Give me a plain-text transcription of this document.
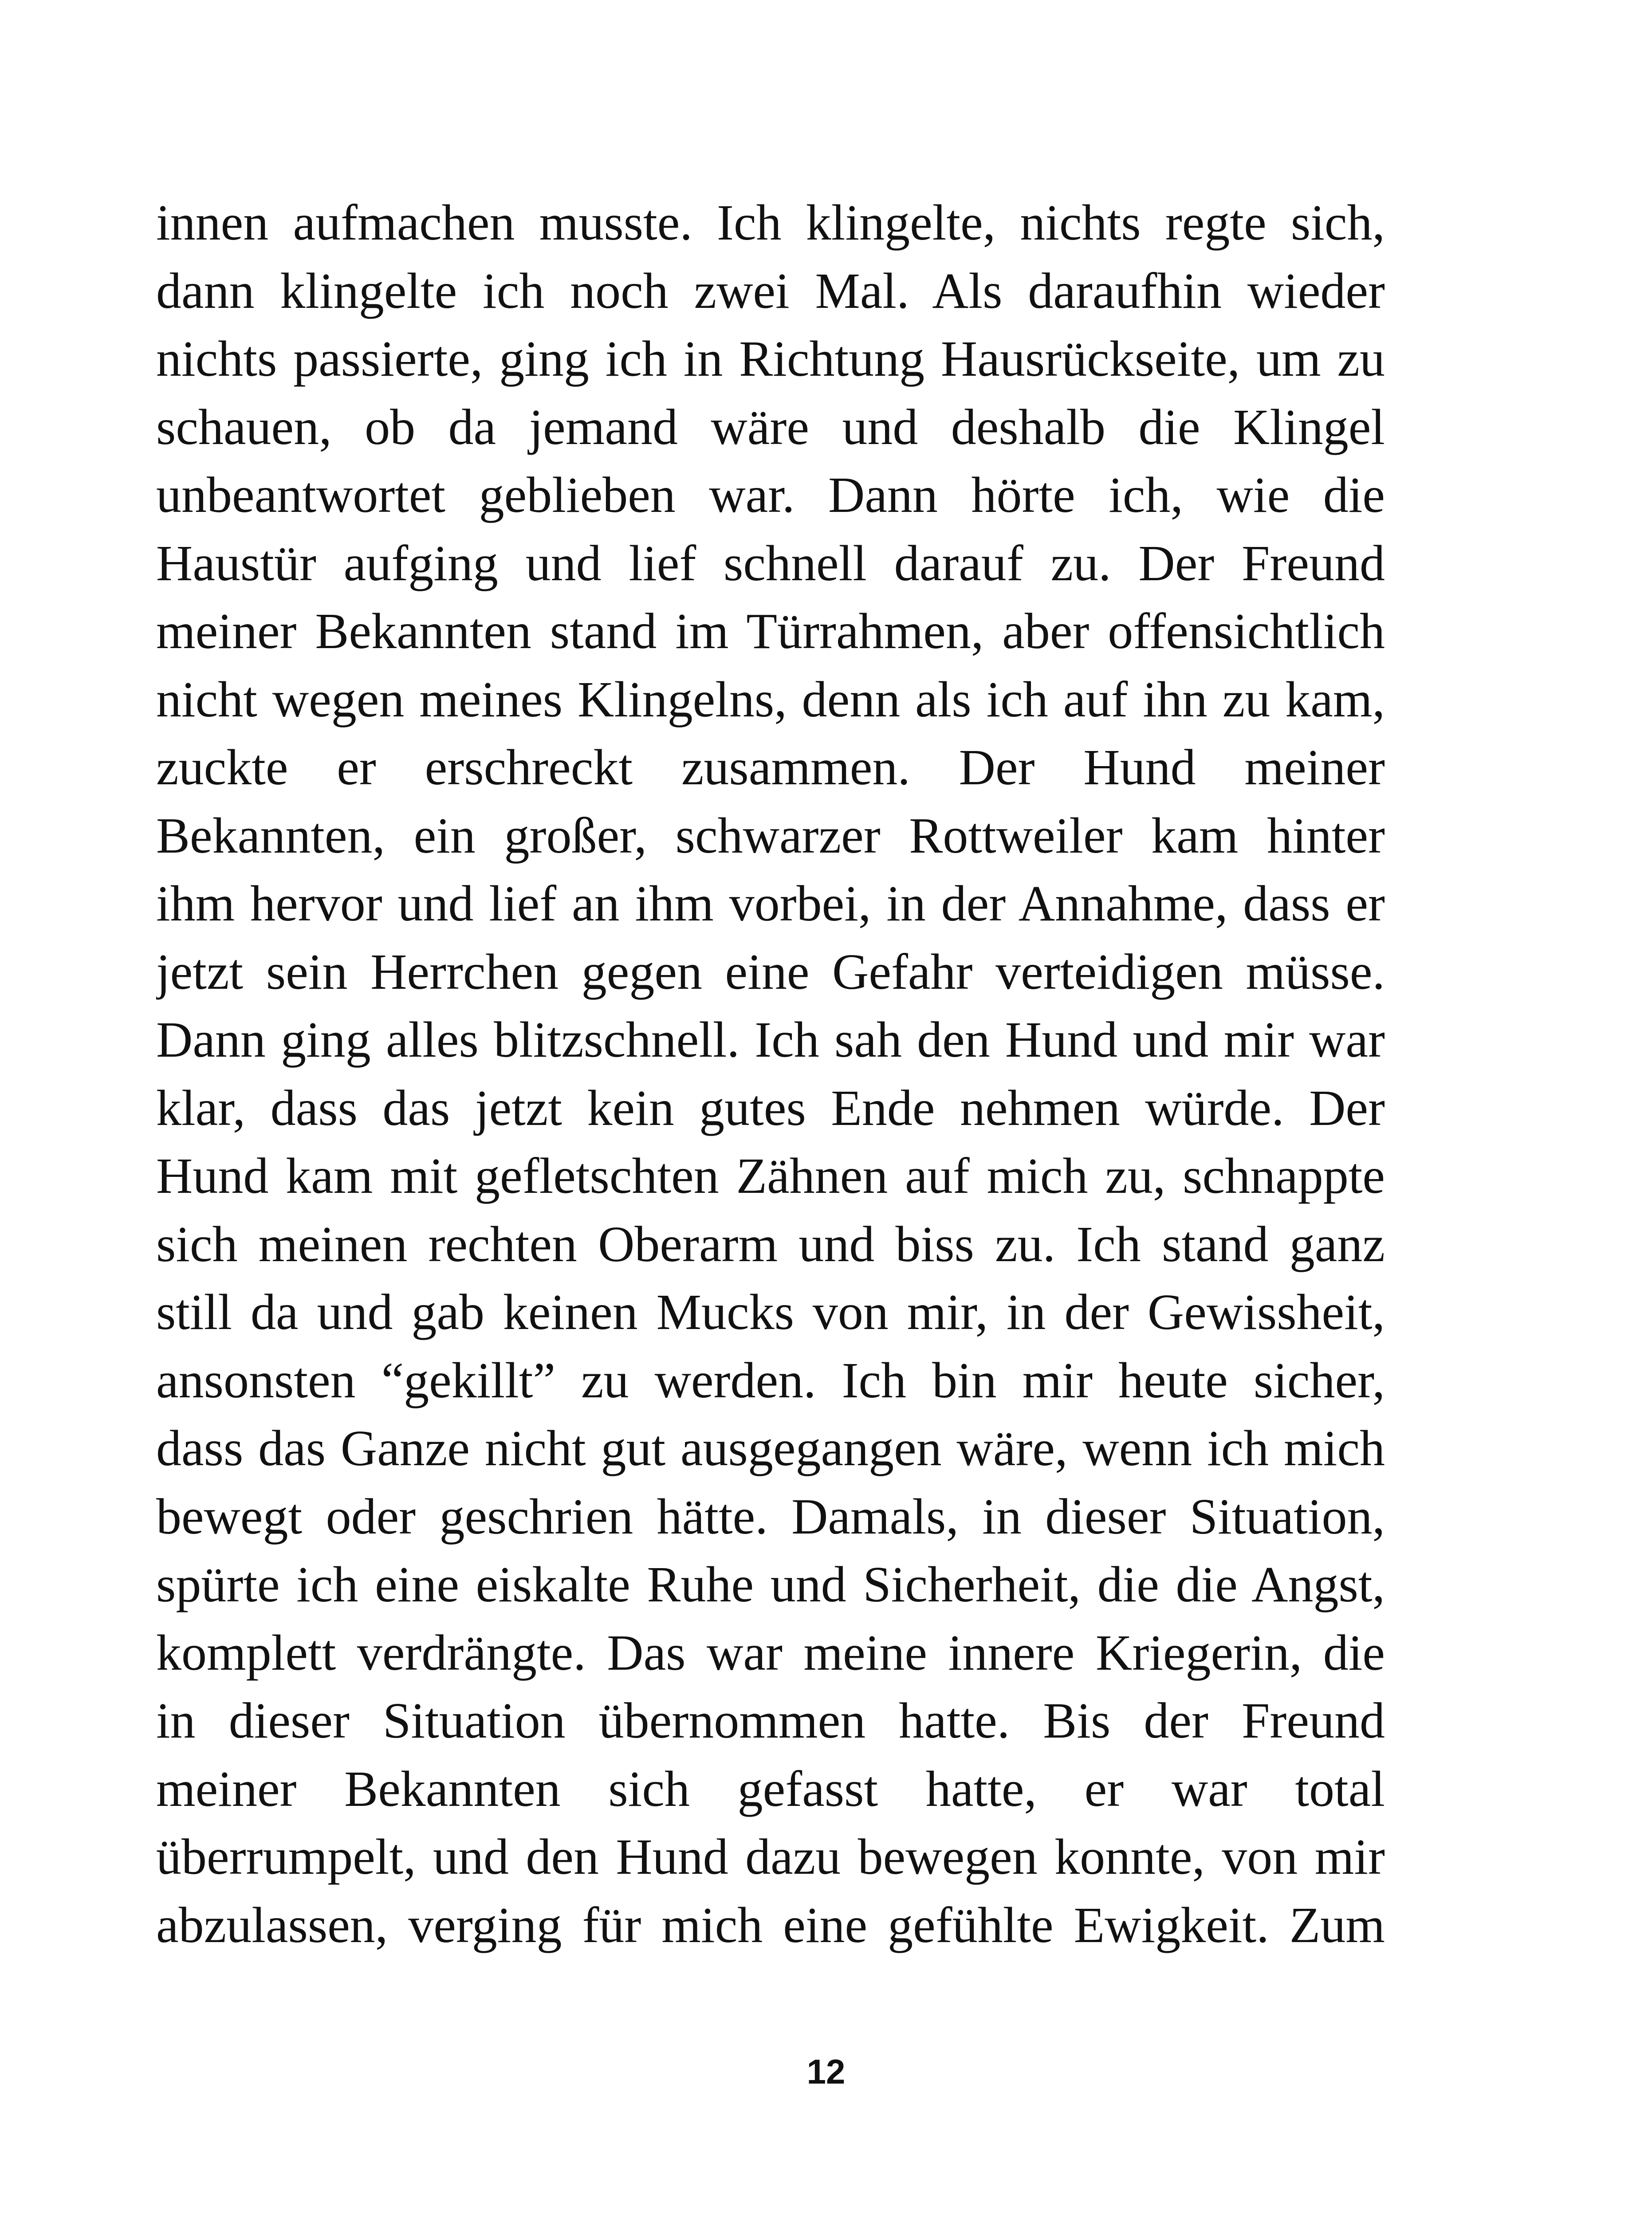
innen aufmachen musste. Ich klingelte, nichts regte sich,
dann klingelte ich noch zwei Mal. Als daraufhin wieder
nichts passierte, ging ich in Richtung Hausrückseite, um zu
schauen, ob da jemand wäre und deshalb die Klingel
unbeantwortet geblieben war. Dann hörte ich, wie die
Haustür aufging und lief schnell darauf zu. Der Freund
meiner Bekannten stand im Türrahmen, aber offensichtlich
nicht wegen meines Klingelns, denn als ich auf ihn zu kam,
zuckte er erschreckt zusammen. Der Hund meiner
Bekannten, ein großer, schwarzer Rottweiler kam hinter
ihm hervor und lief an ihm vorbei, in der Annahme, dass er
jetzt sein Herrchen gegen eine Gefahr verteidigen müsse.
Dann ging alles blitzschnell. Ich sah den Hund und mir war
klar, dass das jetzt kein gutes Ende nehmen würde. Der
Hund kam mit gefletschten Zähnen auf mich zu, schnappte
sich meinen rechten Oberarm und biss zu. Ich stand ganz
still da und gab keinen Mucks von mir, in der Gewissheit,
ansonsten “gekillt” zu werden. Ich bin mir heute sicher,
dass das Ganze nicht gut ausgegangen wäre, wenn ich mich
bewegt oder geschrien hätte. Damals, in dieser Situation,
spürte ich eine eiskalte Ruhe und Sicherheit, die die Angst,
komplett verdrängte. Das war meine innere Kriegerin, die
in dieser Situation übernommen hatte. Bis der Freund
meiner Bekannten sich gefasst hatte, er war total
überrumpelt, und den Hund dazu bewegen konnte, von mir
abzulassen, verging für mich eine gefühlte Ewigkeit. Zum
12
